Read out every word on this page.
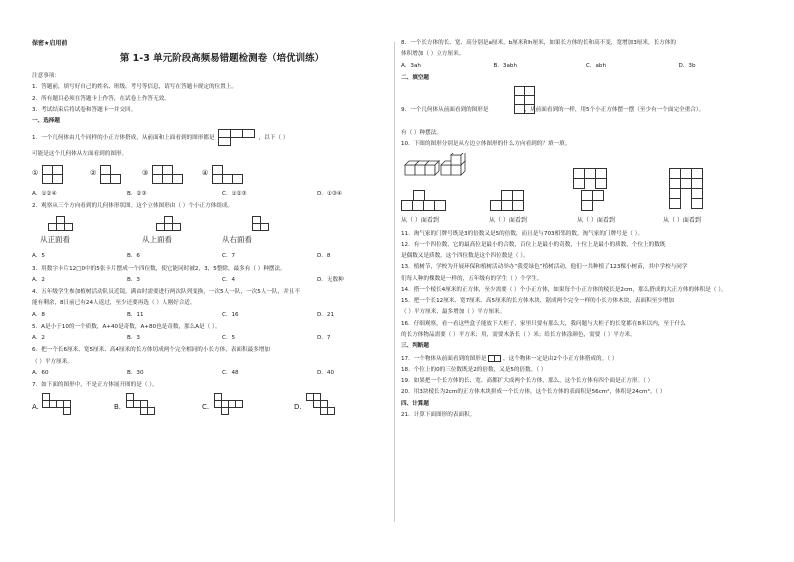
保密★启用前
第 1-3 单元阶段高频易错题检测卷（培优训练）
注意事项：
1．答题前，填写好自己的姓名、班级、考号等信息，请写在答题卡规定的位置上。
2．所有题目必须在答题卡上作答，在试卷上作答无效。
3．考试结束后将试卷和答题卡一并交回。
一、选择题
1．一个几何体由几个同样的小正方体搭成，从前面和上面看到的图形都是	，以下（ ）
可能是这个几何体从左面看到的图形。
①	②	③	④
A．①②④	B．②③	C．①②③	D．①③④
2．观察从三个方向看到的几何体形状图。这个立体图形由（ ）个小正方体组成。
从正面看	从上面看	从右面看
A．5	B．6	C．7	D．8
3．用数字卡片12□0中的5张卡片摆成一个四位数，使它能同时被2，3，5整除，最多有（ ）种摆法。
A．2	B．3	C．4	D．无数种
4．五年级学生参加植树活动队员近镜。满由时需要进行两次队列变换，一次5人一队，一次5人一队，并且不
能有剩余，8日前已有24人返过，至少还要再选（ ）人刚好合适。
A．8	B．11	C．16	D．21
5．A是小于10的一个质数，A+40是奇数，A+80也是奇数，那么A是（ ）。
A．2	B．3	C．5	D．7
6．把一个长6厘米、宽5厘米、高4厘米的长方体切成两个完全相同的小长方体，表面积最多增加
（ ）平方厘米。
A．60	B．30	C．48	D．40
7．如下面的图形中，不是正方体展开图的是（ ）。
A.	B.	C.	D.
8．一个长方体的长、宽、高分别是a厘米，b厘米和h厘米，如果长方体的长和高不变，宽增加3厘米，长方体的
体积增加（ ）立方厘米。
A．3ah	B．3abh	C．abh	D．3b
二、填空题
9．一个几何体从前面看到的图形是	，从前面看到的一样，用5个小正方体摆一摆（至少有一个面完全重合）。
有（ ）种摆法。
10．下图的图形分别是从左边立体图形的什么方向看到的？填一填。
从（ ）面看到	从（ ）面看到	从（ ）面看到	从（ ）面看到
11．淘气家的门牌号既是3的倍数又是5的倍数，而且是与703相邻的数，淘气家的门牌号是（ ）。
12．有一个四位数，它的最高位是最小的合数，百位上是最小的奇数，十位上是最小的质数，个位上的数既
是偶数又是质数，这个四位数是这个四位数是（ ）。
13．植树节，学校为开展环保和植树活动举办“我爱绿色”植树活动，他们一共种植了123棵小树苗，其中学校与同学
们每人种的棵数是一样的，五年级有的学生（ ）个学生。
14．搭一个棱长4厘米的正方体，至少需要（ ）个小正方体，如果每个小正方体的棱长是2cm，那么搭成的大正方体的体积是（ ）。
15．把一个长12厘米、宽7厘米、高5厘米的长方体木块，锯成两个完全一样的小长方体木块，表面积至少增加
（ ）平方厘米，最多增加（ ）平方厘米。
16．仔细观察，看一看这些盒子能放下大柜子，家里只要有那么大，我问题与大柜子的长宽都在8米以内，至于什么
的长方体物品需要（ ）平方米；用，需要木条长（ ）米；给长方体涂颜色，需要（ ）平方米。
三、判断题
17．一个物体从前面看到的图形是	，这个物体一定是由2个小正方体搭成的。（ ）
18．个位上的0的三位数既是2的倍数，又是5的倍数。（ ）
19．如果把一个长方体的长、宽、高都扩大成两个长方体，那么，这个长方体有四个面是正方形。（ ）
20．用3块棱长为2cm的正方体木块拼成一个长方体，这个长方体的表面积是56cm²，体积是24cm³。（ ）
四、计算题
21．计算下面图形的表面积。
